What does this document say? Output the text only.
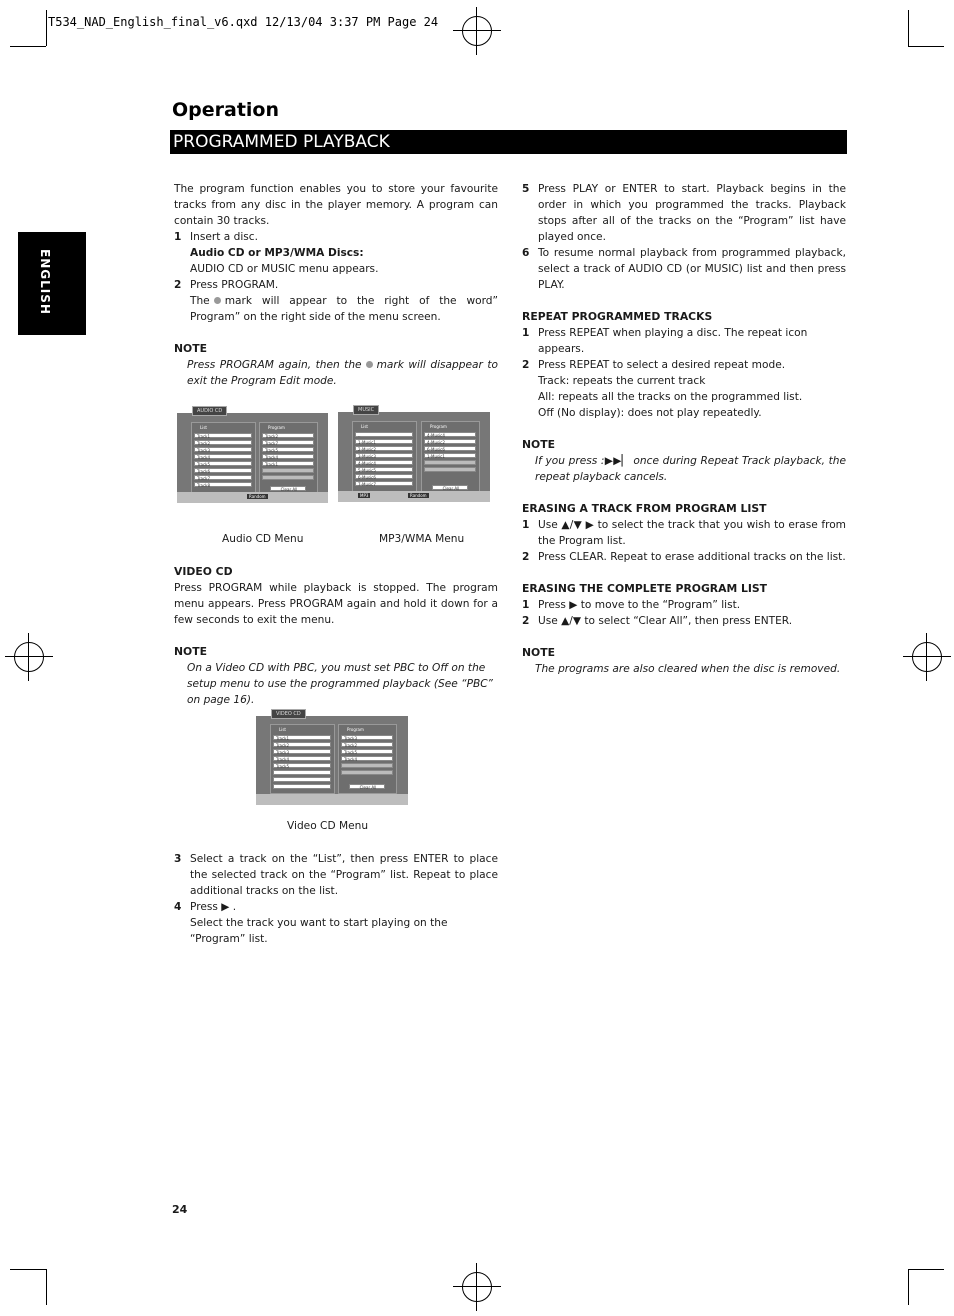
T534_NAD_English_final_v6.qxd 12/13/04 3:37 PM Page 24
Operation
PROGRAMMED PLAYBACK
ENGLISH

The program function enables you to store your favourite tracks from any disc in the player memory. A program can contain 30 tracks.

1 Insert a disc.

Audio CD or MP3/WMA Discs:

AUDIO CD or MUSIC menu appears.

2 Press PROGRAM.

The mark will appear to the right of the word” Program” on the right side of the menu screen.

NOTE

Press PROGRAM again, then the mark will disappear to exit the Program Edit mode.

AUDIO CD
List
Track1
Track2
Track3
Track4
Track5
Track6
Track7
Track8
Program
Track2
Track7
Track5
Track4
Track1
Clear All
Random
MUSIC
List
..
1-Music1
2-Music2
3-Music3
4-Music4
5-Music5
6-Music6
7-Music7
Program
4-Music4
4-Music2
6-Music6
1-Music1
Clear All
MP3	Random
Audio CD Menu	MP3/WMA Menu

VIDEO CD

Press PROGRAM while playback is stopped. The program menu appears. Press PROGRAM again and hold it down for a few seconds to exit the menu.

NOTE

On a Video CD with PBC, you must set PBC to Off on the setup menu to use the programmed playback (See “PBC” on page 16).

VIDEO CD
List
Track1
Track2
Track3
Track4
Track5
Program
Track3
Track2
Track5
Track4
Clear All
Video CD Menu
3 Select a track on the “List”, then press ENTER to place the selected track on the “Program” list. Repeat to place additional tracks on the list.
4 Press ▶ .

Select the track you want to start playing on the “Program” list.

5 Press PLAY or ENTER to start. Playback begins in the order in which you programmed the tracks. Playback stops after all of the tracks on the “Program” list have played once.
6 To resume normal playback from programmed playback, select a track of AUDIO CD (or MUSIC) list and then press PLAY.

REPEAT PROGRAMMED TRACKS

1 Press REPEAT when playing a disc. The repeat icon appears.
2 Press REPEAT to select a desired repeat mode.

Track: repeats the current track

All: repeats all the tracks on the programmed list.

Off (No display): does not play repeatedly.

NOTE

If you press :▶▶▏ once during Repeat Track playback, the repeat playback cancels.

ERASING A TRACK FROM PROGRAM LIST

1 Use ▲/▼ ▶ to select the track that you wish to erase from the Program list.
2 Press CLEAR. Repeat to erase additional tracks on the list.

ERASING THE COMPLETE PROGRAM LIST

1 Press ▶ to move to the “Program” list.
2 Use ▲/▼ to select “Clear All”, then press ENTER.

NOTE

The programs are also cleared when the disc is removed.

24
